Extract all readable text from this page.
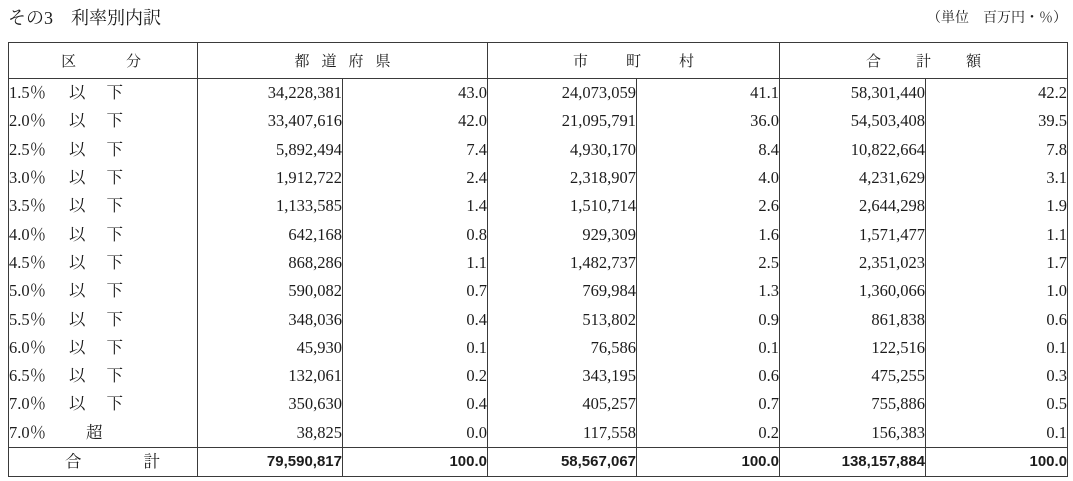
その3　利率別内訳	（単位　百万円・％）
区分	都道府県		市町村		合計額	
1.5％ 以下	34,228,381	43.0	24,073,059	41.1	58,301,440	42.2
2.0％ 以下	33,407,616	42.0	21,095,791	36.0	54,503,408	39.5
2.5％ 以下	5,892,494	7.4	4,930,170	8.4	10,822,664	7.8
3.0％ 以下	1,912,722	2.4	2,318,907	4.0	4,231,629	3.1
3.5％ 以下	1,133,585	1.4	1,510,714	2.6	2,644,298	1.9
4.0％ 以下	642,168	0.8	929,309	1.6	1,571,477	1.1
4.5％ 以下	868,286	1.1	1,482,737	2.5	2,351,023	1.7
5.0％ 以下	590,082	0.7	769,984	1.3	1,360,066	1.0
5.5％ 以下	348,036	0.4	513,802	0.9	861,838	0.6
6.0％ 以下	45,930	0.1	76,586	0.1	122,516	0.1
6.5％ 以下	132,061	0.2	343,195	0.6	475,255	0.3
7.0％ 以下	350,630	0.4	405,257	0.7	755,886	0.5
7.0％ 超	38,825	0.0	117,558	0.2	156,383	0.1
合計	79,590,817	100.0	58,567,067	100.0	138,157,884	100.0
